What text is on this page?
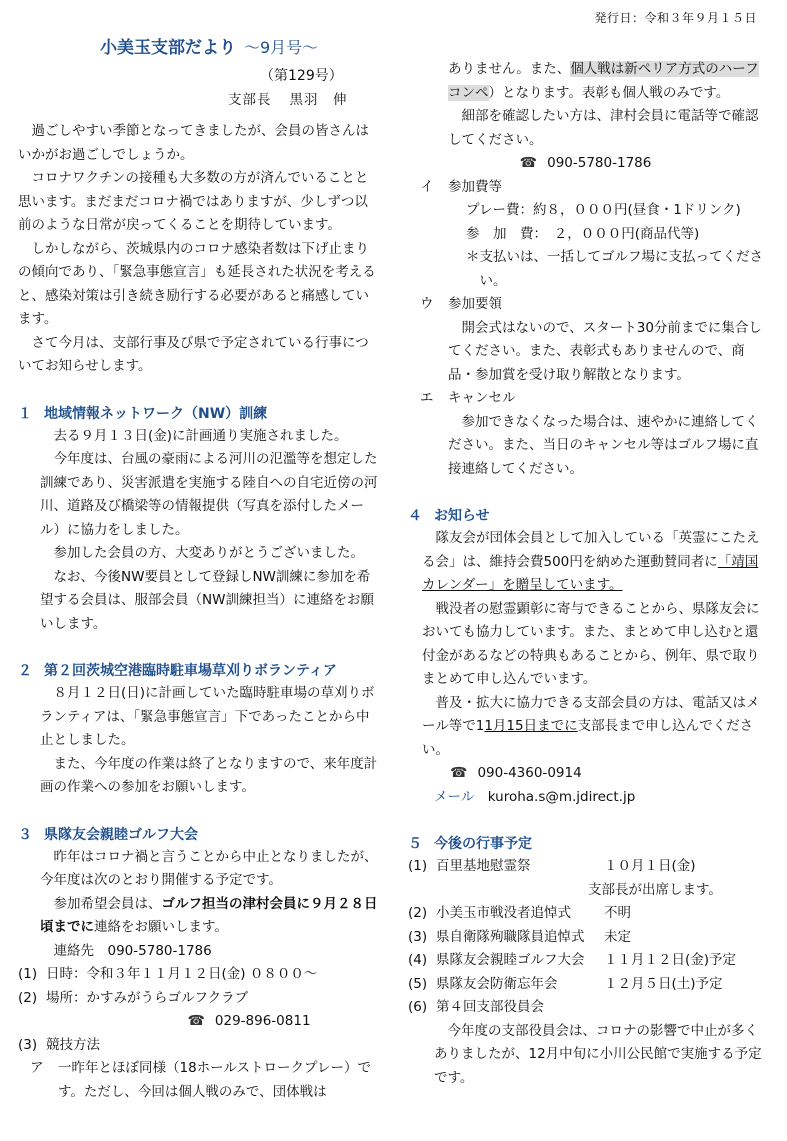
発行日：令和３年９月１５日
小美玉支部だより ～9月号～
（第129号）
支部長 黒羽　伸

過ごしやすい季節となってきましたが、会員の皆さんはいかがお過ごしでしょうか。

コロナワクチンの接種も大多数の方が済んでいることと思います。まだまだコロナ禍ではありますが、少しずつ以前のような日常が戻ってくることを期待しています。

しかしながら、茨城県内のコロナ感染者数は下げ止まりの傾向であり、「緊急事態宣言」も延長された状況を考えると、感染対策は引き続き励行する必要があると痛感しています。

さて今月は、支部行事及び県で予定されている行事についてお知らせします。

１ 地域情報ネットワーク（NW）訓練

去る９月１３日(金)に計画通り実施されました。

今年度は、台風の豪雨による河川の氾濫等を想定した訓練であり、災害派遣を実施する陸自への自宅近傍の河川、道路及び橋梁等の情報提供（写真を添付したメール）に協力をしました。

参加した会員の方、大変ありがとうございました。

なお、今後NW要員として登録しNW訓練に参加を希望する会員は、服部会員（NW訓練担当）に連絡をお願いします。

２ 第２回茨城空港臨時駐車場草刈りボランティア

８月１２日(日)に計画していた臨時駐車場の草刈りボランティアは、「緊急事態宣言」下であったことから中止としました。

また、今年度の作業は終了となりますので、来年度計画の作業への参加をお願いします。

３ 県隊友会親睦ゴルフ大会

昨年はコロナ禍と言うことから中止となりましたが、今年度は次のとおり開催する予定です。

参加希望会員は、ゴルフ担当の津村会員に９月２８日頃までに連絡をお願いします。

連絡先　090-5780-1786

(1) 日時：令和３年１１月１２日(金) ０８００～
(2) 場所：かすみがうらゴルフクラブ
☎ 029-896-0811
(3) 競技方法
ア	一昨年とほぼ同様（18ホールストロークプレー）です。ただし、今回は個人戦のみで、団体戦は

ありません。また、個人戦は新ペリア方式のハーフコンペ）となります。表彰も個人戦のみです。

細部を確認したい方は、津村会員に電話等で確認してください。

☎ 090-5780-1786
イ	参加費等

プレー費：約８，０００円(昼食・1ドリンク)

参　加　費：　２，０００円(商品代等)

＊支払いは、一括してゴルフ場に支払ってください。

ウ	参加要領

開会式はないので、スタート30分前までに集合してください。また、表彰式もありませんので、商品・参加賞を受け取り解散となります。

エ	キャンセル

参加できなくなった場合は、速やかに連絡してください。また、当日のキャンセル等はゴルフ場に直接連絡してください。

４ お知らせ

隊友会が団体会員として加入している「英霊にこたえる会」は、維持会費500円を納めた運動賛同者に「靖国カレンダー」を贈呈しています。

戦没者の慰霊顕彰に寄与できることから、県隊友会においても協力しています。また、まとめて申し込むと還付金があるなどの特典もあることから、例年、県で取りまとめて申し込んでいます。

普及・拡大に協力できる支部会員の方は、電話又はメール等で11月15日までに支部長まで申し込んでください。

☎ 090-4360-0914

メール　 kuroha.s@m.jdirect.jp

５ 今後の行事予定
(1) 百里基地慰霊祭	１０月１日(金)
支部長が出席します。
(2) 小美玉市戦没者追悼式	不明
(3) 県自衛隊殉職隊員追悼式	未定
(4) 県隊友会親睦ゴルフ大会	１１月１２日(金)予定
(5) 県隊友会防衛忘年会	１２月５日(土)予定
(6) 第４回支部役員会

今年度の支部役員会は、コロナの影響で中止が多くありましたが、12月中旬に小川公民館で実施する予定です。
